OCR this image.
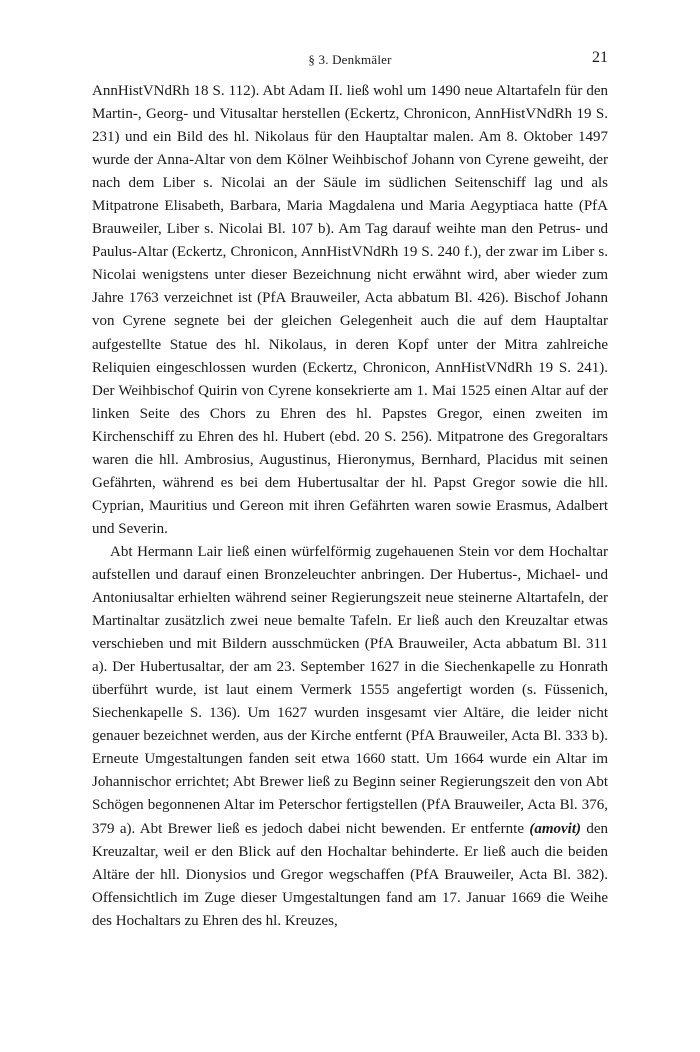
§ 3. Denkmäler	21

AnnHistVNdRh 18 S. 112). Abt Adam II. ließ wohl um 1490 neue Altartafeln für den Martin-, Georg- und Vitusaltar herstellen (Eckertz, Chronicon, AnnHistVNdRh 19 S. 231) und ein Bild des hl. Nikolaus für den Hauptaltar malen. Am 8. Oktober 1497 wurde der Anna-Altar von dem Kölner Weihbischof Johann von Cyrene geweiht, der nach dem Liber s. Nicolai an der Säule im südlichen Seitenschiff lag und als Mitpatrone Elisabeth, Barbara, Maria Magdalena und Maria Aegyptiaca hatte (PfA Brauweiler, Liber s. Nicolai Bl. 107 b). Am Tag darauf weihte man den Petrus- und Paulus-Altar (Eckertz, Chronicon, AnnHistVNdRh 19 S. 240 f.), der zwar im Liber s. Nicolai wenigstens unter dieser Bezeichnung nicht erwähnt wird, aber wieder zum Jahre 1763 verzeichnet ist (PfA Brauweiler, Acta abbatum Bl. 426). Bischof Johann von Cyrene segnete bei der gleichen Gelegenheit auch die auf dem Hauptaltar aufgestellte Statue des hl. Nikolaus, in deren Kopf unter der Mitra zahlreiche Reliquien eingeschlossen wurden (Eckertz, Chronicon, AnnHistVNdRh 19 S. 241). Der Weihbischof Quirin von Cyrene konsekrierte am 1. Mai 1525 einen Altar auf der linken Seite des Chors zu Ehren des hl. Papstes Gregor, einen zweiten im Kirchenschiff zu Ehren des hl. Hubert (ebd. 20 S. 256). Mitpatrone des Gregoraltars waren die hll. Ambrosius, Augustinus, Hieronymus, Bernhard, Placidus mit seinen Gefährten, während es bei dem Hubertusaltar der hl. Papst Gregor sowie die hll. Cyprian, Mauritius und Gereon mit ihren Gefährten waren sowie Erasmus, Adalbert und Severin.

Abt Hermann Lair ließ einen würfelförmig zugehauenen Stein vor dem Hochaltar aufstellen und darauf einen Bronzeleuchter anbringen. Der Hubertus-, Michael- und Antoniusaltar erhielten während seiner Regierungszeit neue steinerne Altartafeln, der Martinaltar zusätzlich zwei neue bemalte Tafeln. Er ließ auch den Kreuzaltar etwas verschieben und mit Bildern ausschmücken (PfA Brauweiler, Acta abbatum Bl. 311 a). Der Hubertusaltar, der am 23. September 1627 in die Siechenkapelle zu Honrath überführt wurde, ist laut einem Vermerk 1555 angefertigt worden (s. Füssenich, Siechenkapelle S. 136). Um 1627 wurden insgesamt vier Altäre, die leider nicht genauer bezeichnet werden, aus der Kirche entfernt (PfA Brauweiler, Acta Bl. 333 b). Erneute Umgestaltungen fanden seit etwa 1660 statt. Um 1664 wurde ein Altar im Johannischor errichtet; Abt Brewer ließ zu Beginn seiner Regierungszeit den von Abt Schögen begonnenen Altar im Peterschor fertigstellen (PfA Brauweiler, Acta Bl. 376, 379 a). Abt Brewer ließ es jedoch dabei nicht bewenden. Er entfernte (amovit) den Kreuzaltar, weil er den Blick auf den Hochaltar behinderte. Er ließ auch die beiden Altäre der hll. Dionysios und Gregor wegschaffen (PfA Brauweiler, Acta Bl. 382). Offensichtlich im Zuge dieser Umgestaltungen fand am 17. Januar 1669 die Weihe des Hochaltars zu Ehren des hl. Kreuzes,
